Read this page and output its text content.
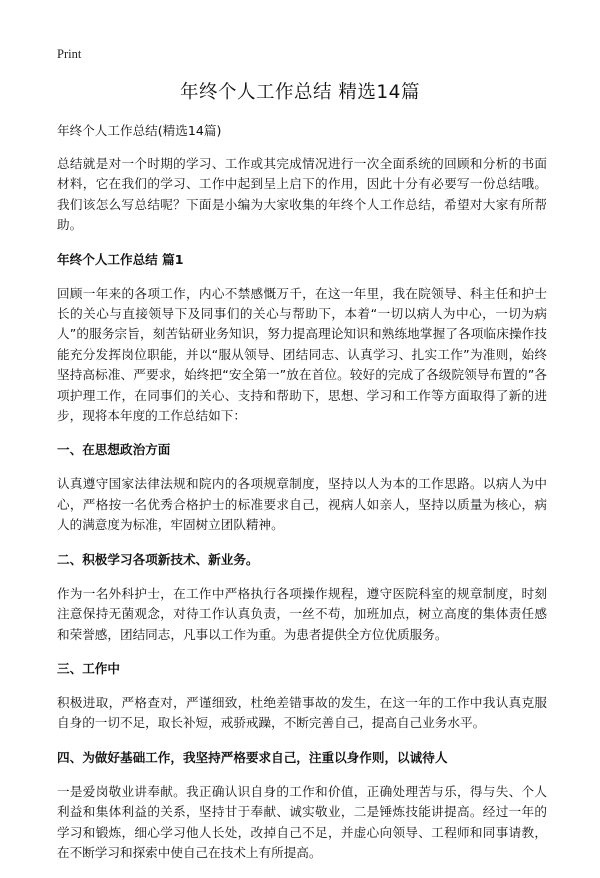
Print
年终个人工作总结 精选14篇

年终个人工作总结(精选14篇)

总结就是对一个时期的学习、工作或其完成情况进行一次全面系统的回顾和分析的书面材料，它在我们的学习、工作中起到呈上启下的作用，因此十分有必要写一份总结哦。我们该怎么写总结呢？下面是小编为大家收集的年终个人工作总结，希望对大家有所帮助。

年终个人工作总结 篇1

回顾一年来的各项工作，内心不禁感慨万千，在这一年里，我在院领导、科主任和护士长的关心与直接领导下及同事们的关心与帮助下，本着“一切以病人为中心，一切为病人”的服务宗旨，刻苦钻研业务知识，努力提高理论知识和熟练地掌握了各项临床操作技能充分发挥岗位职能，并以“服从领导、团结同志、认真学习、扎实工作”为准则，始终坚持高标准、严要求，始终把“安全第一”放在首位。较好的完成了各级院领导布置的”各项护理工作，在同事们的关心、支持和帮助下，思想、学习和工作等方面取得了新的进步，现将本年度的工作总结如下：

一、在思想政治方面

认真遵守国家法律法规和院内的各项规章制度，坚持以人为本的工作思路。以病人为中心，严格按一名优秀合格护士的标准要求自己，视病人如亲人，坚持以质量为核心，病人的满意度为标准，牢固树立团队精神。

二、积极学习各项新技术、新业务。

作为一名外科护士，在工作中严格执行各项操作规程，遵守医院科室的规章制度，时刻注意保持无菌观念，对待工作认真负责，一丝不苟，加班加点，树立高度的集体责任感和荣誉感，团结同志，凡事以工作为重。为患者提供全方位优质服务。

三、工作中

积极进取，严格查对，严谨细致，杜绝差错事故的发生，在这一年的工作中我认真克服自身的一切不足，取长补短，戒骄戒躁，不断完善自己，提高自己业务水平。

四、为做好基础工作，我坚持严格要求自己，注重以身作则，以诚待人

一是爱岗敬业讲奉献。我正确认识自身的工作和价值，正确处理苦与乐，得与失、个人利益和集体利益的关系，坚持甘于奉献、诚实敬业，二是锤炼技能讲提高。经过一年的学习和锻炼，细心学习他人长处，改掉自己不足，并虚心向领导、工程师和同事请教，在不断学习和探索中使自己在技术上有所提高。
